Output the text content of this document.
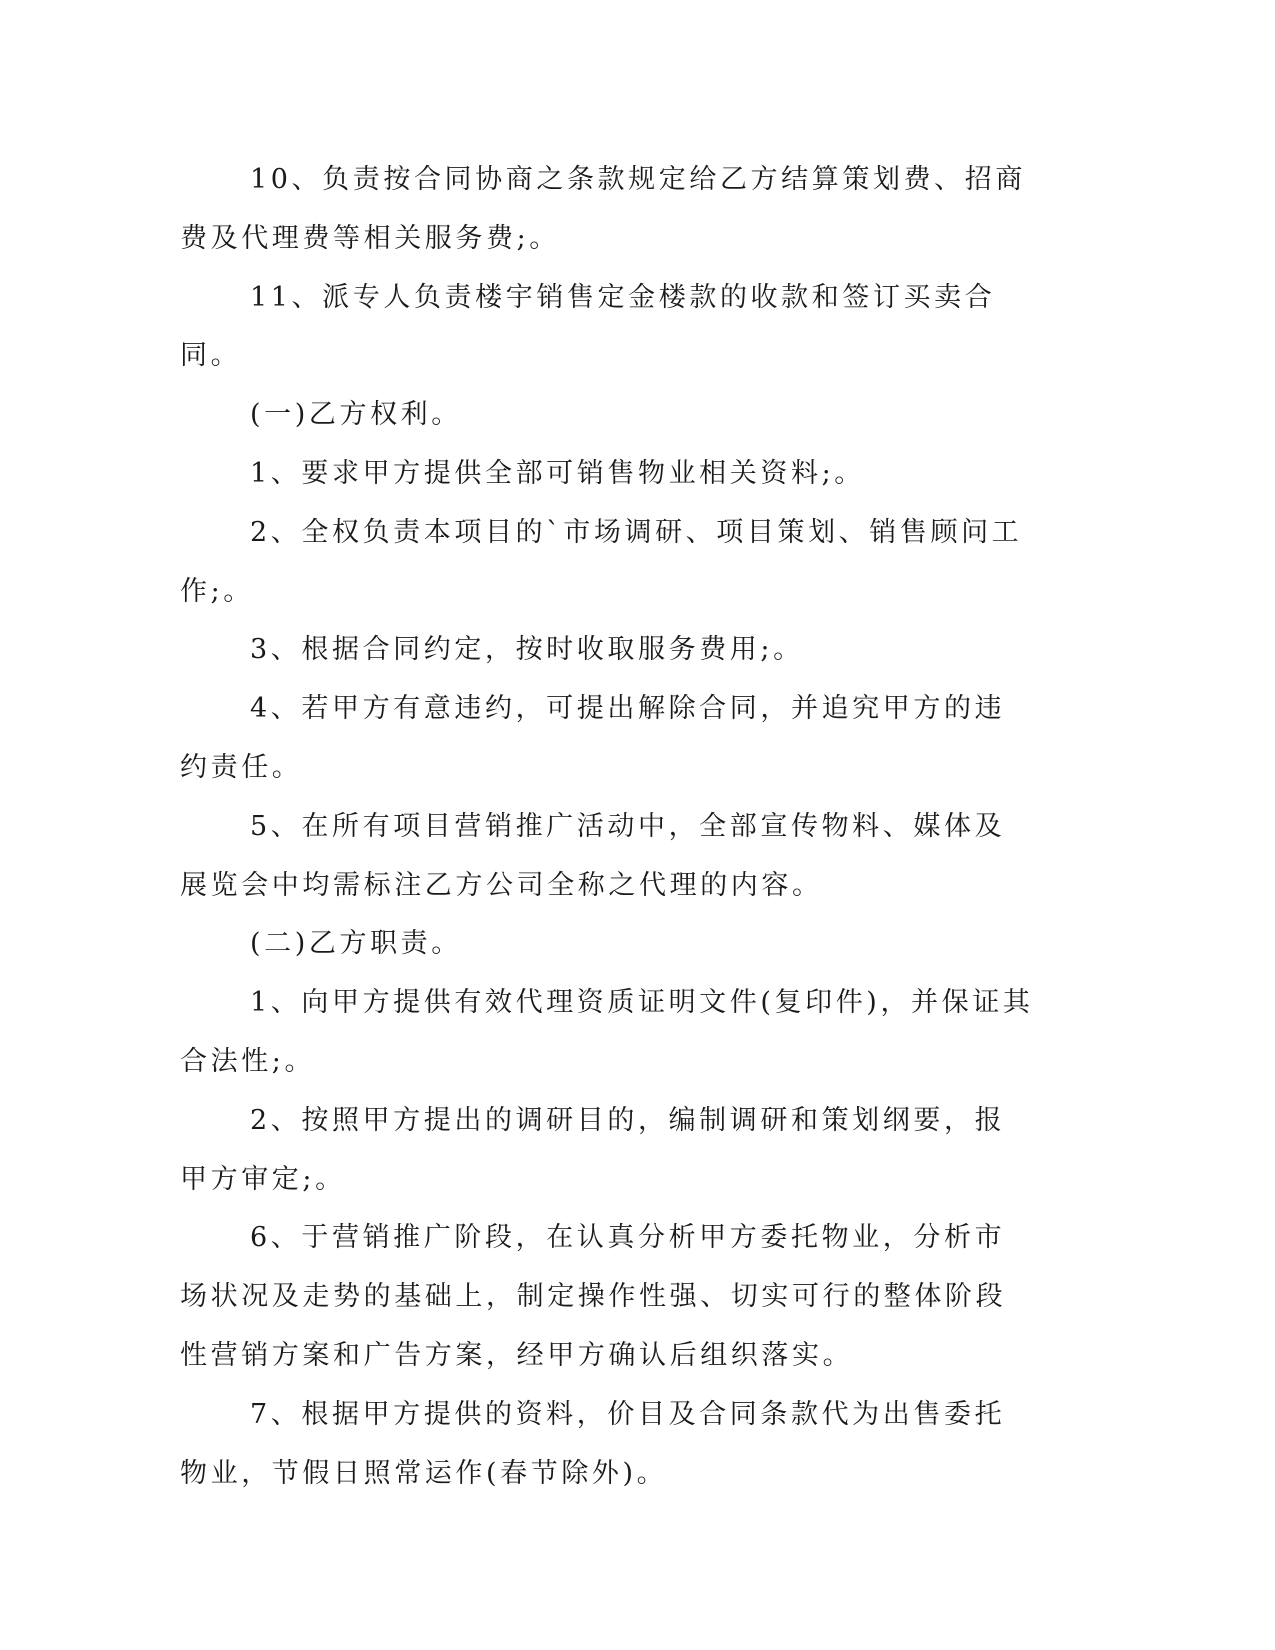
10、负责按合同协商之条款规定给乙方结算策划费、招商费及代理费等相关服务费;。

11、派专人负责楼宇销售定金楼款的收款和签订买卖合同。

(一)乙方权利。

1、要求甲方提供全部可销售物业相关资料;。

2、全权负责本项目的`市场调研、项目策划、销售顾问工作;。

3、根据合同约定，按时收取服务费用;。

4、若甲方有意违约，可提出解除合同，并追究甲方的违约责任。

5、在所有项目营销推广活动中，全部宣传物料、媒体及展览会中均需标注乙方公司全称之代理的内容。

(二)乙方职责。

1、向甲方提供有效代理资质证明文件(复印件)，并保证其合法性;。

2、按照甲方提出的调研目的，编制调研和策划纲要，报甲方审定;。

6、于营销推广阶段，在认真分析甲方委托物业，分析市场状况及走势的基础上，制定操作性强、切实可行的整体阶段性营销方案和广告方案，经甲方确认后组织落实。

7、根据甲方提供的资料，价目及合同条款代为出售委托物业，节假日照常运作(春节除外)。
